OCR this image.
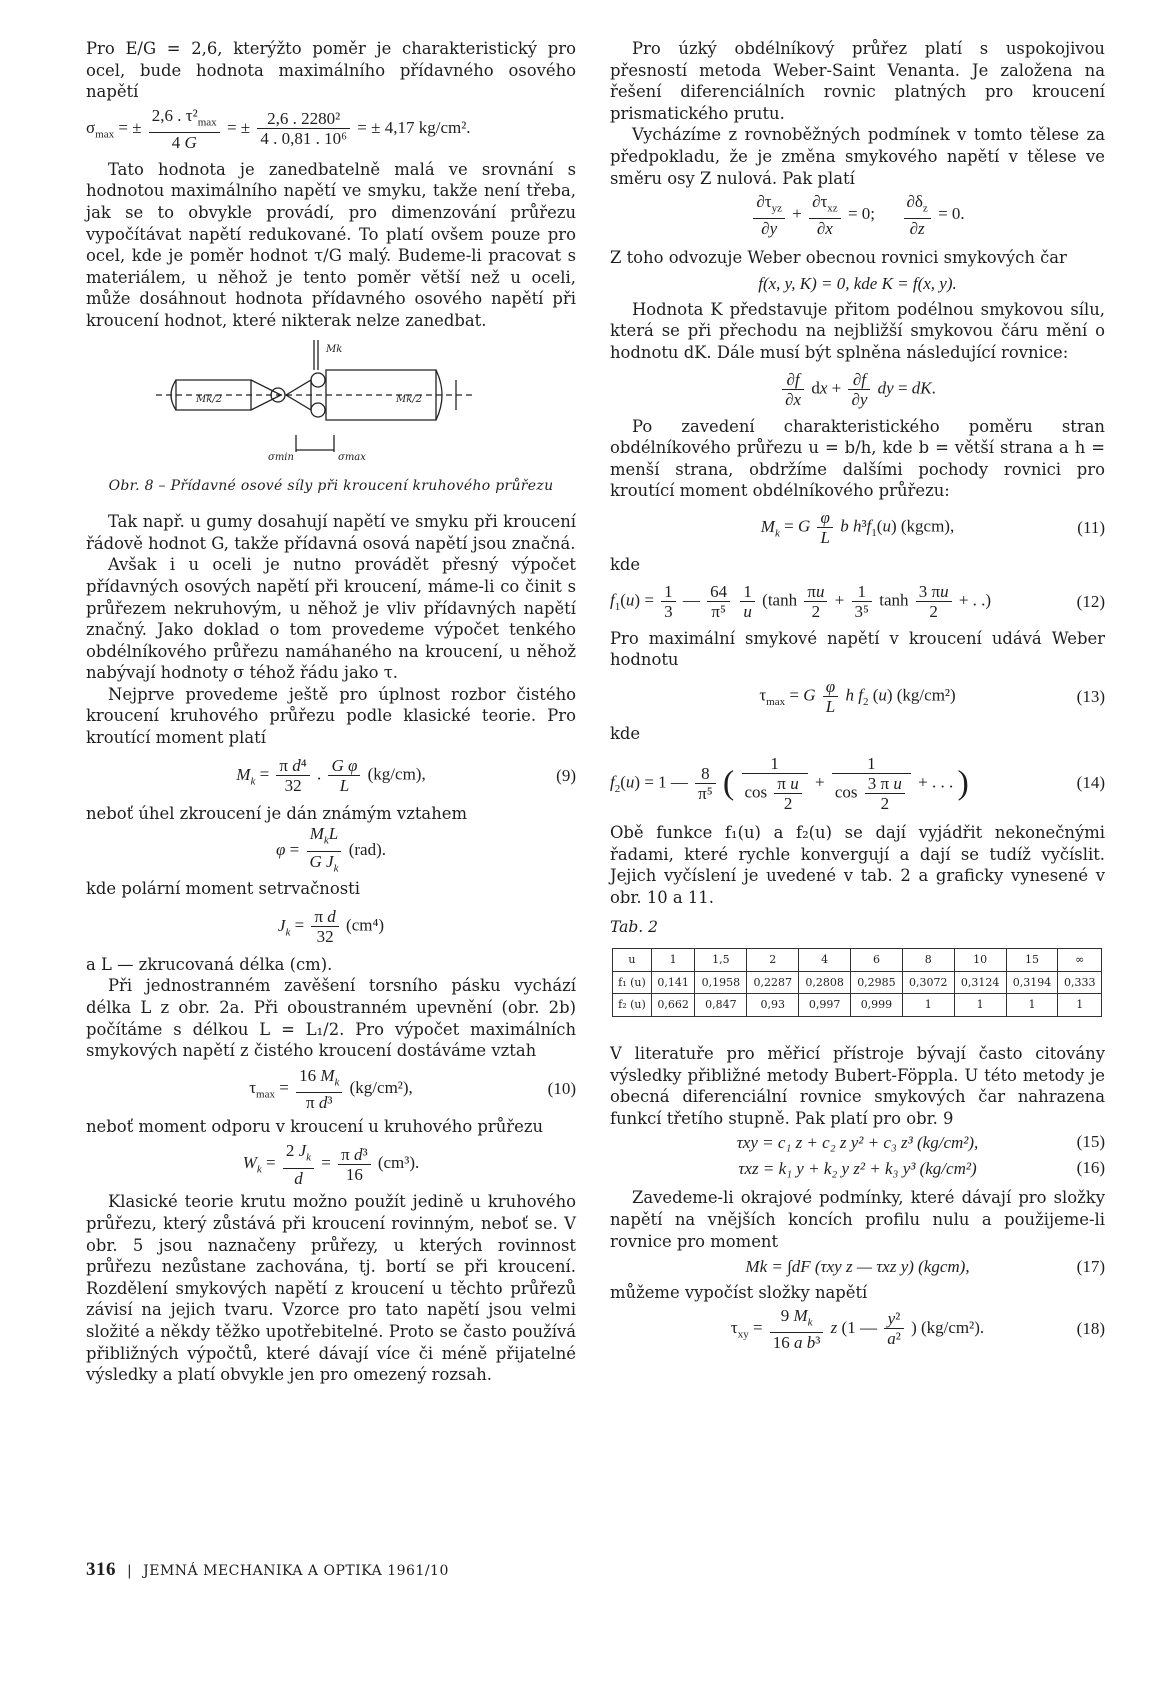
Pro E/G = 2,6, kterýžto poměr je charakteristický pro ocel, bude hodnota maximálního přídavného osového napětí

$\sigma_{max}$ = ± $\frac{2,6 . \tau^2_{max}}{4 G}$ = ± $\frac{\text{2,6 . 2280²}}{\text{4 . 0,81 . 10⁶}}$ = ± 4,17 kg/cm².

Tato hodnota je zanedbatelně malá ve srovnání s hodnotou maximálního napětí ve smyku, takže není třeba, jak se to obvykle provádí, pro dimenzování průřezu vypočítávat napětí redukované. To platí ovšem pouze pro ocel, kde je poměr hodnot τ/G malý. Budeme-li pracovat s materiálem, u něhož je tento poměr větší než u oceli, může dosáhnout hodnota přídavného osového napětí při kroucení hodnot, které nikterak nelze zanedbat.

Mk
Mk/2	Mk/2
σmin	σmax

Obr. 8 – Přídavné osové síly při kroucení kruhového průřezu

Tak např. u gumy dosahují napětí ve smyku při kroucení řádově hodnot G, takže přídavná osová napětí jsou značná.

Avšak i u oceli je nutno provádět přesný výpočet přídavných osových napětí při kroucení, máme-li co činit s průřezem nekruhovým, u něhož je vliv přídavných napětí značný. Jako doklad o tom provedeme výpočet tenkého obdélníkového průřezu namáhaného na kroucení, u něhož nabývají hodnoty σ téhož řádu jako τ.

Nejprve provedeme ještě pro úplnost rozbor čistého kroucení kruhového průřezu podle klasické teorie. Pro kroutící moment platí

$M_k = \frac{\text{π d⁴}}{32}$ . $\frac{\text{G φ}}{L} (kg/cm)$,	(9)

neboť úhel zkroucení je dán známým vztahem

$\varphi = \frac{M_kL}{G J_k} (rad)$.

kde polární moment setrvačnosti

$J_k = \frac{\text{π d}}{32} (cm^4)$

a L — zkrucovaná délka (cm).

Při jednostranném zavěšení torsního pásku vychází délka L z obr. 2a. Při oboustranném upevnění (obr. 2b) počítáme s délkou L = L₁/2. Pro výpočet maximálních smykových napětí z čistého kroucení dostáváme vztah

$\tau_{max} = \frac{16 M_k}{\text{π d³}} (kg/cm^2)$,	(10)

neboť moment odporu v kroucení u kruhového průřezu

$W_k = \frac{2 J_k}{d} = \frac{\text{π d³}}{16} (cm^3)$.

Klasické teorie krutu možno použít jedině u kruhového průřezu, který zůstává při kroucení rovinným, neboť se. V obr. 5 jsou naznačeny průřezy, u kterých rovinnost průřezu nezůstane zachována, tj. bortí se při kroucení. Rozdělení smykových napětí z kroucení u těchto průřezů závisí na jejich tvaru. Vzorce pro tato napětí jsou velmi složité a někdy těžko upotřebitelné. Proto se často používá přibližných výpočtů, které dávají více či méně přijatelné výsledky a platí obvykle jen pro omezený rozsah.

Pro úzký obdélníkový průřez platí s uspokojivou přesností metoda Weber-Saint Venanta. Je založena na řešení diferenciálních rovnic platných pro kroucení prismatického prutu.

Vycházíme z rovnoběžných podmínek v tomto tělese za předpokladu, že je změna smykového napětí v tělese ve směru osy Z nulová. Pak platí

$\frac{\partial\tau_{yz}}{\partial y} + \frac{\partial\tau_{xz}}{\partial x} = 0$; $\frac{\partial\delta_z}{\partial z} = 0$.

Z toho odvozuje Weber obecnou rovnici smykových čar

f(x, y, K) = 0, kde K = f(x, y).

Hodnota K představuje přitom podélnou smykovou sílu, která se při přechodu na nejbližší smykovou čáru mění o hodnotu dK. Dále musí být splněna následující rovnice:

$\frac{\partial f}{\partial x}$ dx + $\frac{\partial f}{\partial y}$ dy = dK.

Po zavedení charakteristického poměru stran obdélníkového průřezu u = b/h, kde b = větší strana a h = menší strana, obdržíme dalšími pochody rovnici pro kroutící moment obdélníkového průřezu:

$M_k = G \frac{\varphi}{L}$ b $h^3f_1(u)$ (kgcm),	(11)

kde

$f_1(u) = \frac{1}{3}$ — $\frac{64}{\text{π⁵}}$
$\frac{1}{u} (\tanh \frac{\pi u}{2} + \frac{1}{\text{3⁵}}$ $\tanh \frac{3 \pi u}{2}$ + . .)	(12)

Pro maximální smykové napětí v kroucení udává Weber hodnotu

$\tau_{max} = G \frac{\varphi}{L}$ h $f_2$ (u) (kg/cm²)	(13)

kde

$f_2(u) = 1$ — $\frac{8}{\text{π⁵}}$ ( $\frac{1}{\cos \frac{\text{π u}}{2}} + \frac{1}{\cos \frac{\text{3 π u}}{2}}$ + . . . )	(14)

Obě funkce f₁(u) a f₂(u) se dají vyjádřit nekonečnými řadami, které rychle konvergují a dají se tudíž vyčíslit. Jejich vyčíslení je uvedené v tab. 2 a graficky vynesené v obr. 10 a 11.

Tab. 2

u	1	1,5	2	4	6	8	10	15	∞
f₁ (u)	0,141	0,1958	0,2287	0,2808	0,2985	0,3072	0,3124	0,3194	0,333
f₂ (u)	0,662	0,847	0,93	0,997	0,999	1	1	1	1

V literatuře pro měřicí přístroje bývají často citovány výsledky přibližné metody Bubert-Föppla. U této metody je obecná diferenciální rovnice smykových čar nahrazena funkcí třetího stupně. Pak platí pro obr. 9

τxy = c₁ z + c₂ z y² + c₃ z³ (kg/cm²),	(15)
τxz = k₁ y + k₂ y z² + k₃ y³ (kg/cm²)	(16)

Zavedeme-li okrajové podmínky, které dávají pro složky napětí na vnějších koncích profilu nulu a použijeme-li rovnice pro moment

Mk = ∫dF (τxy z — τxz y) (kgcm),	(17)

můžeme vypočíst složky napětí

$\tau_{xy} = \frac{9 M_k}{\text{16 a b³}}$ z (1 — $\frac{\text{y²}}{\text{a²}}$ ) (kg/cm²).	(18)
316 | JEMNÁ MECHANIKA A OPTIKA 1961/10
